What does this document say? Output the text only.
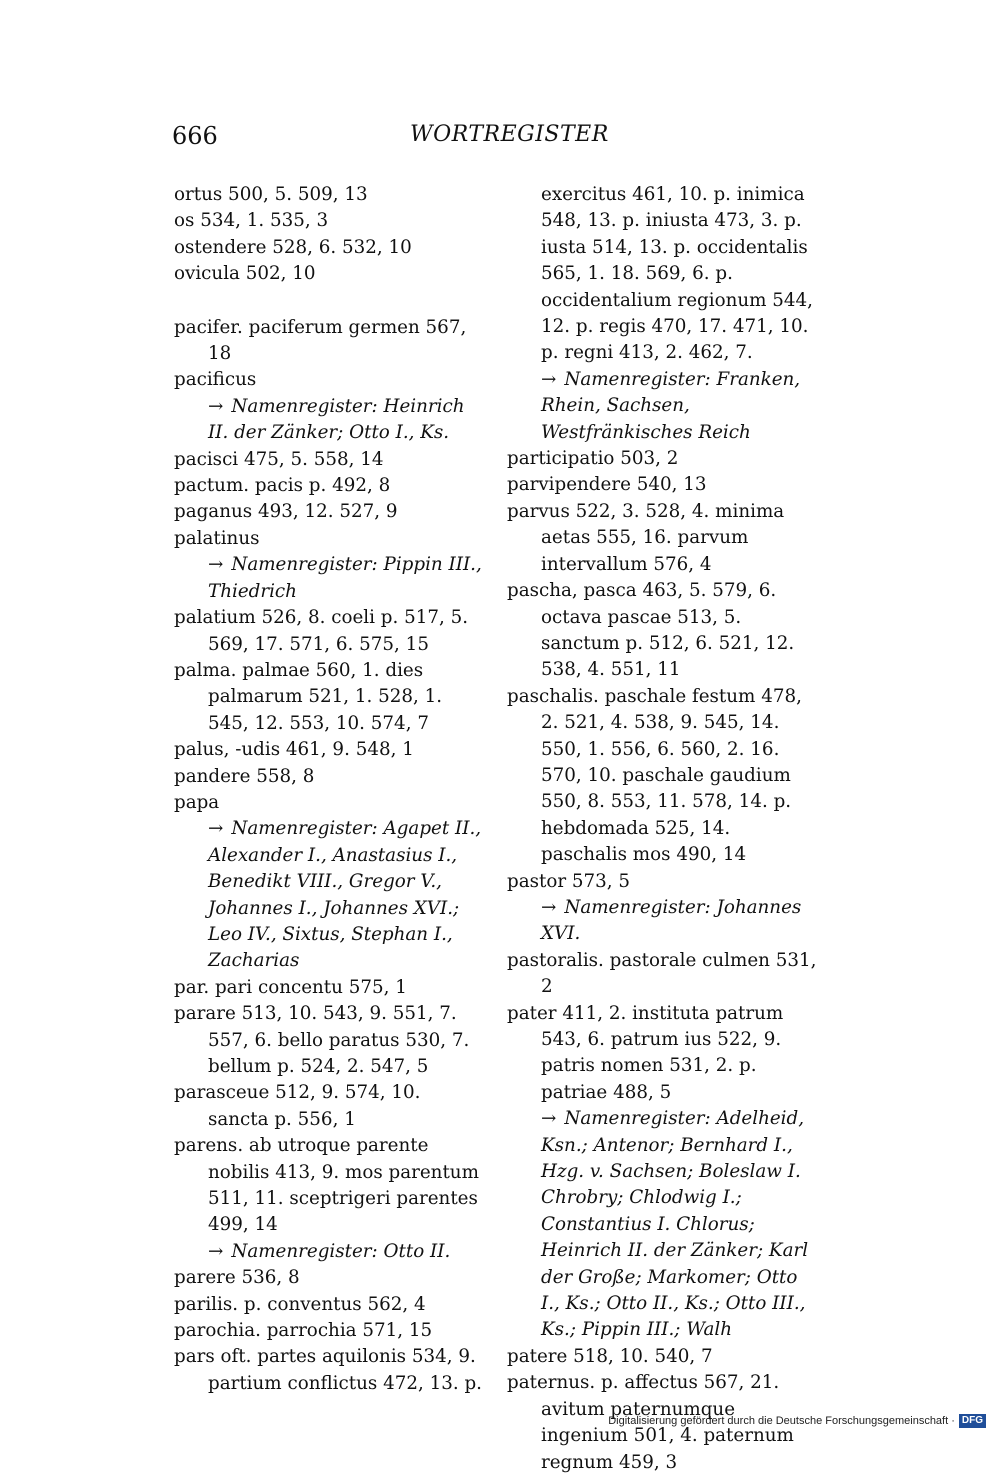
666	WORTREGISTER
ortus 500, 5. 509, 13
os 534, 1. 535, 3
ostendere 528, 6. 532, 10
ovicula 502, 10
pacifer. paciferum germen 567, 18
pacificus
→ Namenregister: Heinrich II. der Zänker; Otto I., Ks.
pacisci 475, 5. 558, 14
pactum. pacis p. 492, 8
paganus 493, 12. 527, 9
palatinus
→ Namenregister: Pippin III., Thiedrich
palatium 526, 8. coeli p. 517, 5. 569, 17. 571, 6. 575, 15
palma. palmae 560, 1. dies palmarum 521, 1. 528, 1. 545, 12. 553, 10. 574, 7
palus, -udis 461, 9. 548, 1
pandere 558, 8
papa
→ Namenregister: Agapet II., Alexander I., Anastasius I., Benedikt VIII., Gregor V., Johannes I., Johannes XVI.; Leo IV., Sixtus, Stephan I., Zacharias
par. pari concentu 575, 1
parare 513, 10. 543, 9. 551, 7. 557, 6. bello paratus 530, 7. bellum p. 524, 2. 547, 5
parasceue 512, 9. 574, 10. sancta p. 556, 1
parens. ab utroque parente nobilis 413, 9. mos parentum 511, 11. sceptrigeri parentes 499, 14
→ Namenregister: Otto II.
parere 536, 8
parilis. p. conventus 562, 4
parochia. parrochia 571, 15
pars oft. partes aquilonis 534, 9. partium conflictus 472, 13. p.
exercitus 461, 10. p. inimica 548, 13. p. iniusta 473, 3. p. iusta 514, 13. p. occidentalis 565, 1. 18. 569, 6. p. occidentalium regionum 544, 12. p. regis 470, 17. 471, 10. p. regni 413, 2. 462, 7.
→ Namenregister: Franken, Rhein, Sachsen, Westfränkisches Reich
participatio 503, 2
parvipendere 540, 13
parvus 522, 3. 528, 4. minima aetas 555, 16. parvum intervallum 576, 4
pascha, pasca 463, 5. 579, 6. octava pascae 513, 5. sanctum p. 512, 6. 521, 12. 538, 4. 551, 11
paschalis. paschale festum 478, 2. 521, 4. 538, 9. 545, 14. 550, 1. 556, 6. 560, 2. 16. 570, 10. paschale gaudium 550, 8. 553, 11. 578, 14. p. hebdomada 525, 14. paschalis mos 490, 14
pastor 573, 5
→ Namenregister: Johannes XVI.
pastoralis. pastorale culmen 531, 2
pater 411, 2. instituta patrum 543, 6. patrum ius 522, 9. patris nomen 531, 2. p. patriae 488, 5
→ Namenregister: Adelheid, Ksn.; Antenor; Bernhard I., Hzg. v. Sachsen; Boleslaw I. Chrobry; Chlodwig I.; Constantius I. Chlorus; Heinrich II. der Zänker; Karl der Große; Markomer; Otto I., Ks.; Otto II., Ks.; Otto III., Ks.; Pippin III.; Walh
patere 518, 10. 540, 7
paternus. p. affectus 567, 21. avitum paternumque ingenium 501, 4. paternum regnum 459, 3
Digitalisierung gefördert durch die Deutsche Forschungsgemeinschaft · DFG
